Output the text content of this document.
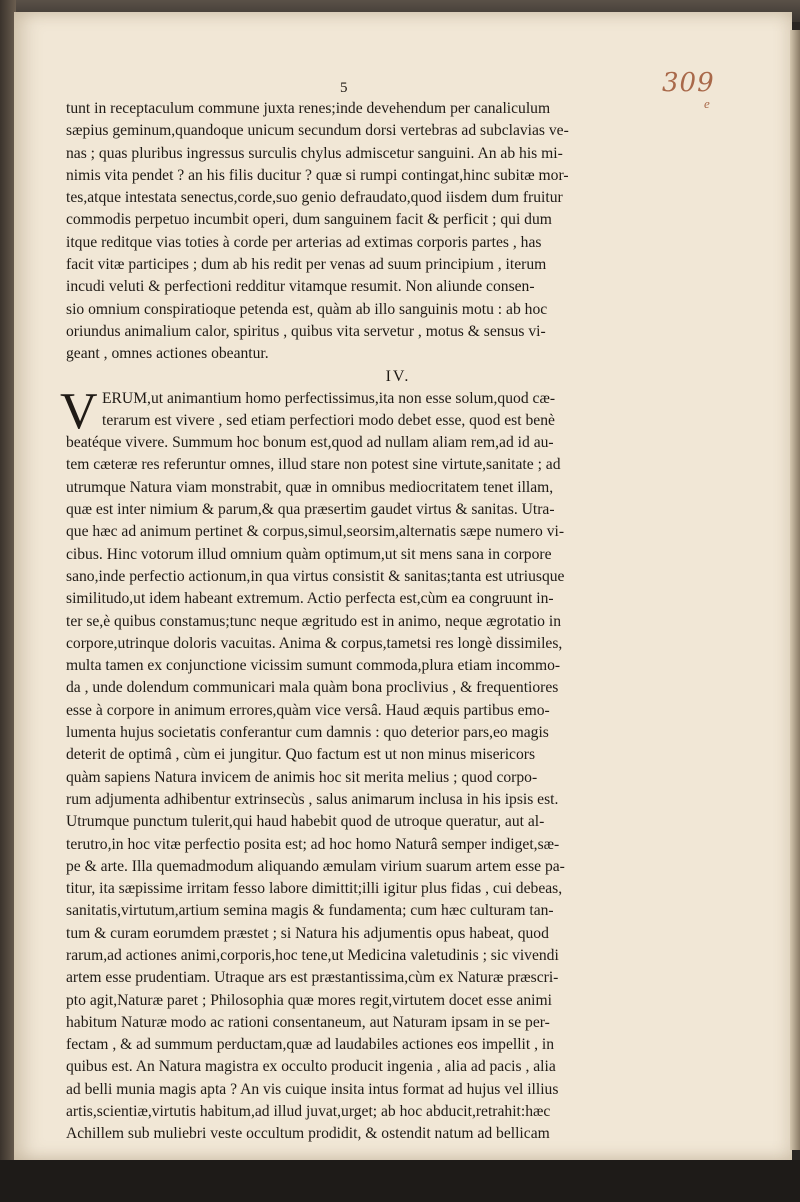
309
e
5
tunt in receptaculum commune juxta renes;inde devehendum per canaliculum
sæpius geminum,quandoque unicum secundum dorsi vertebras ad subclavias ve-
nas ; quas pluribus ingressus surculis chylus admiscetur sanguini. An ab his mi-
nimis vita pendet ? an his filis ducitur ? quæ si rumpi contingat,hinc subitæ mor-
tes,atque intestata senectus,corde,suo genio defraudato,quod iisdem dum fruitur
commodis perpetuo incumbit operi, dum sanguinem facit & perficit ; qui dum
itque reditque vias toties à corde per arterias ad extimas corporis partes , has
facit vitæ participes ; dum ab his redit per venas ad suum principium , iterum
incudi veluti & perfectioni redditur vitamque resumit. Non aliunde consen-
sio omnium conspiratioque petenda est, quàm ab illo sanguinis motu : ab hoc
oriundus animalium calor, spiritus , quibus vita servetur , motus & sensus vi-
geant , omnes actiones obeantur.
IV.
ERUM,ut animantium homo perfectissimus,ita non esse solum,quod cæ-
terarum est vivere , sed etiam perfectiori modo debet esse, quod est benè
beatéque vivere. Summum hoc bonum est,quod ad nullam aliam rem,ad id au-
tem cæteræ res referuntur omnes, illud stare non potest sine virtute,sanitate ; ad
utrumque Natura viam monstrabit, quæ in omnibus mediocritatem tenet illam,
quæ est inter nimium & parum,& qua præsertim gaudet virtus & sanitas. Utra-
que hæc ad animum pertinet & corpus,simul,seorsim,alternatis sæpe numero vi-
cibus. Hinc votorum illud omnium quàm optimum,ut sit mens sana in corpore
sano,inde perfectio actionum,in qua virtus consistit & sanitas;tanta est utriusque
similitudo,ut idem habeant extremum. Actio perfecta est,cùm ea congruunt in-
ter se,è quibus constamus;tunc neque ægritudo est in animo, neque ægrotatio in
corpore,utrinque doloris vacuitas. Anima & corpus,tametsi res longè dissimiles,
multa tamen ex conjunctione vicissim sumunt commoda,plura etiam incommo-
da , unde dolendum communicari mala quàm bona proclivius , & frequentiores
esse à corpore in animum errores,quàm vice versâ. Haud æquis partibus emo-
lumenta hujus societatis conferantur cum damnis : quo deterior pars,eo magis
deterit de optimâ , cùm ei jungitur. Quo factum est ut non minus misericors
quàm sapiens Natura invicem de animis hoc sit merita melius ; quod corpo-
rum adjumenta adhibentur extrinsecùs , salus animarum inclusa in his ipsis est.
Utrumque punctum tulerit,qui haud habebit quod de utroque queratur, aut al-
terutro,in hoc vitæ perfectio posita est; ad hoc homo Naturâ semper indiget,sæ-
pe & arte. Illa quemadmodum aliquando æmulam virium suarum artem esse pa-
titur, ita sæpissime irritam fesso labore dimittit;illi igitur plus fidas , cui debeas,
sanitatis,virtutum,artium semina magis & fundamenta; cum hæc culturam tan-
tum & curam eorumdem præstet ; si Natura his adjumentis opus habeat, quod
rarum,ad actiones animi,corporis,hoc tene,ut Medicina valetudinis ; sic vivendi
artem esse prudentiam. Utraque ars est præstantissima,cùm ex Naturæ præscri-
pto agit,Naturæ paret ; Philosophia quæ mores regit,virtutem docet esse animi
habitum Naturæ modo ac rationi consentaneum, aut Naturam ipsam in se per-
fectam , & ad summum perductam,quæ ad laudabiles actiones eos impellit , in
quibus est. An Natura magistra ex occulto producit ingenia , alia ad pacis , alia
ad belli munia magis apta ? An vis cuique insita intus format ad hujus vel illius
artis,scientiæ,virtutis habitum,ad illud juvat,urget; ab hoc abducit,retrahit:hæc
Achillem sub muliebri veste occultum prodidit, & ostendit natum ad bellicam
V
